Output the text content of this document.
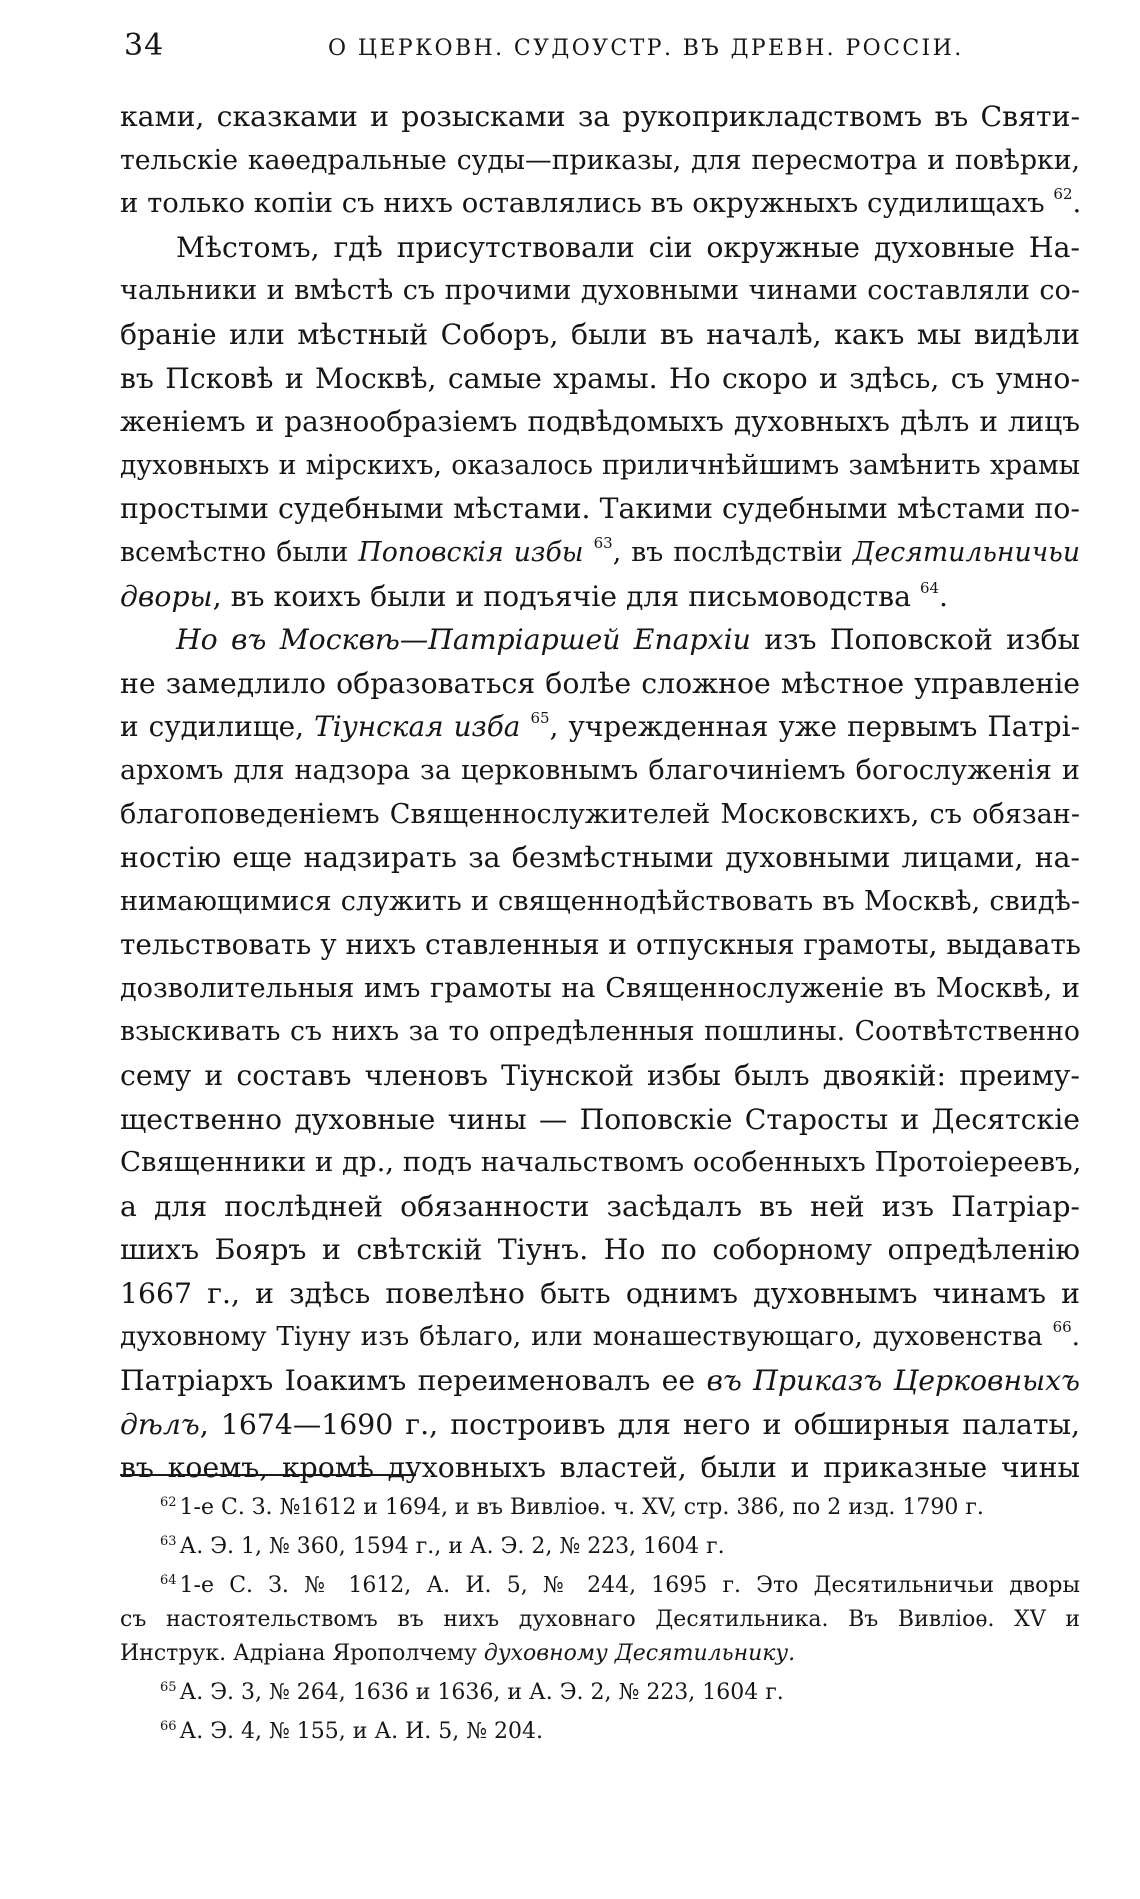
34	О ЦЕРКОВН. СУДОУСТР. ВЪ ДРЕВН. РОССІИ.
ками, сказками и розысками за рукоприкладствомъ въ Святи-
тельскіе каѳедральные суды—приказы, для пересмотра и повѣрки,
и только копіи съ нихъ оставлялись въ окружныхъ судилищахъ $^{62}$.
Мѣстомъ, гдѣ присутствовали сіи окружные духовные На-
чальники и вмѣстѣ съ прочими духовными чинами составляли со-
браніе или мѣстный Соборъ, были въ началѣ, какъ мы видѣли
въ Псковѣ и Москвѣ, самые храмы. Но скоро и здѣсь, съ умно-
женіемъ и разнообразіемъ подвѣдомыхъ духовныхъ дѣлъ и лицъ
духовныхъ и мірскихъ, оказалось приличнѣйшимъ замѣнить храмы
простыми судебными мѣстами. Такими судебными мѣстами по-
всемѣстно были Поповскія избы $^{63}$, въ послѣдствіи Десятильничьи
дворы, въ коихъ были и подъячіе для письмоводства $^{64}$.
Но въ Москвѣ—Патріаршей Епархіи изъ Поповской избы
не замедлило образоваться болѣе сложное мѣстное управленіе
и судилище, Тіунская изба $^{65}$, учрежденная уже первымъ Патрі-
архомъ для надзора за церковнымъ благочиніемъ богослуженія и
благоповеденіемъ Священнослужителей Московскихъ, съ обязан-
ностію еще надзирать за безмѣстными духовными лицами, на-
нимающимися служить и священнодѣйствовать въ Москвѣ, свидѣ-
тельствовать у нихъ ставленныя и отпускныя грамоты, выдавать
дозволительныя имъ грамоты на Священнослуженіе въ Москвѣ, и
взыскивать съ нихъ за то опредѣленныя пошлины. Соотвѣтственно
сему и составъ членовъ Тіунской избы былъ двоякій: преиму-
щественно духовные чины — Поповскіе Старосты и Десятскіе
Священники и др., подъ начальствомъ особенныхъ Протоіереевъ,
а для послѣдней обязанности засѣдалъ въ ней изъ Патріар-
шихъ Бояръ и свѣтскій Тіунъ. Но по соборному опредѣленію
1667 г., и здѣсь повелѣно быть однимъ духовнымъ чинамъ и
духовному Тіуну изъ бѣлаго, или монашествующаго, духовенства $^{66}$.
Патріархъ Іоакимъ переименовалъ ее въ Приказъ Церковныхъ
дѣлъ, 1674—1690 г., построивъ для него и обширныя палаты,
въ коемъ, кромѣ духовныхъ властей, были и приказные чины
$^{62}$ 1-е С. З. №1612 и 1694, и въ Вивліоѳ. ч. XV, стр. 386, по 2 изд. 1790 г.
$^{63}$ А. Э. 1, № 360, 1594 г., и А. Э. 2, № 223, 1604 г.
$^{64}$ 1-е С. З. № 1612, А. И. 5, № 244, 1695 г. Это Десятильничьи дворы
съ настоятельствомъ въ нихъ духовнаго Десятильника. Въ Вивліоѳ. XV и
Инструк. Адріана Ярополчему духовному Десятильнику.
$^{65}$ А. Э. 3, № 264, 1636 и 1636, и А. Э. 2, № 223, 1604 г.
$^{66}$ А. Э. 4, № 155, и А. И. 5, № 204.
